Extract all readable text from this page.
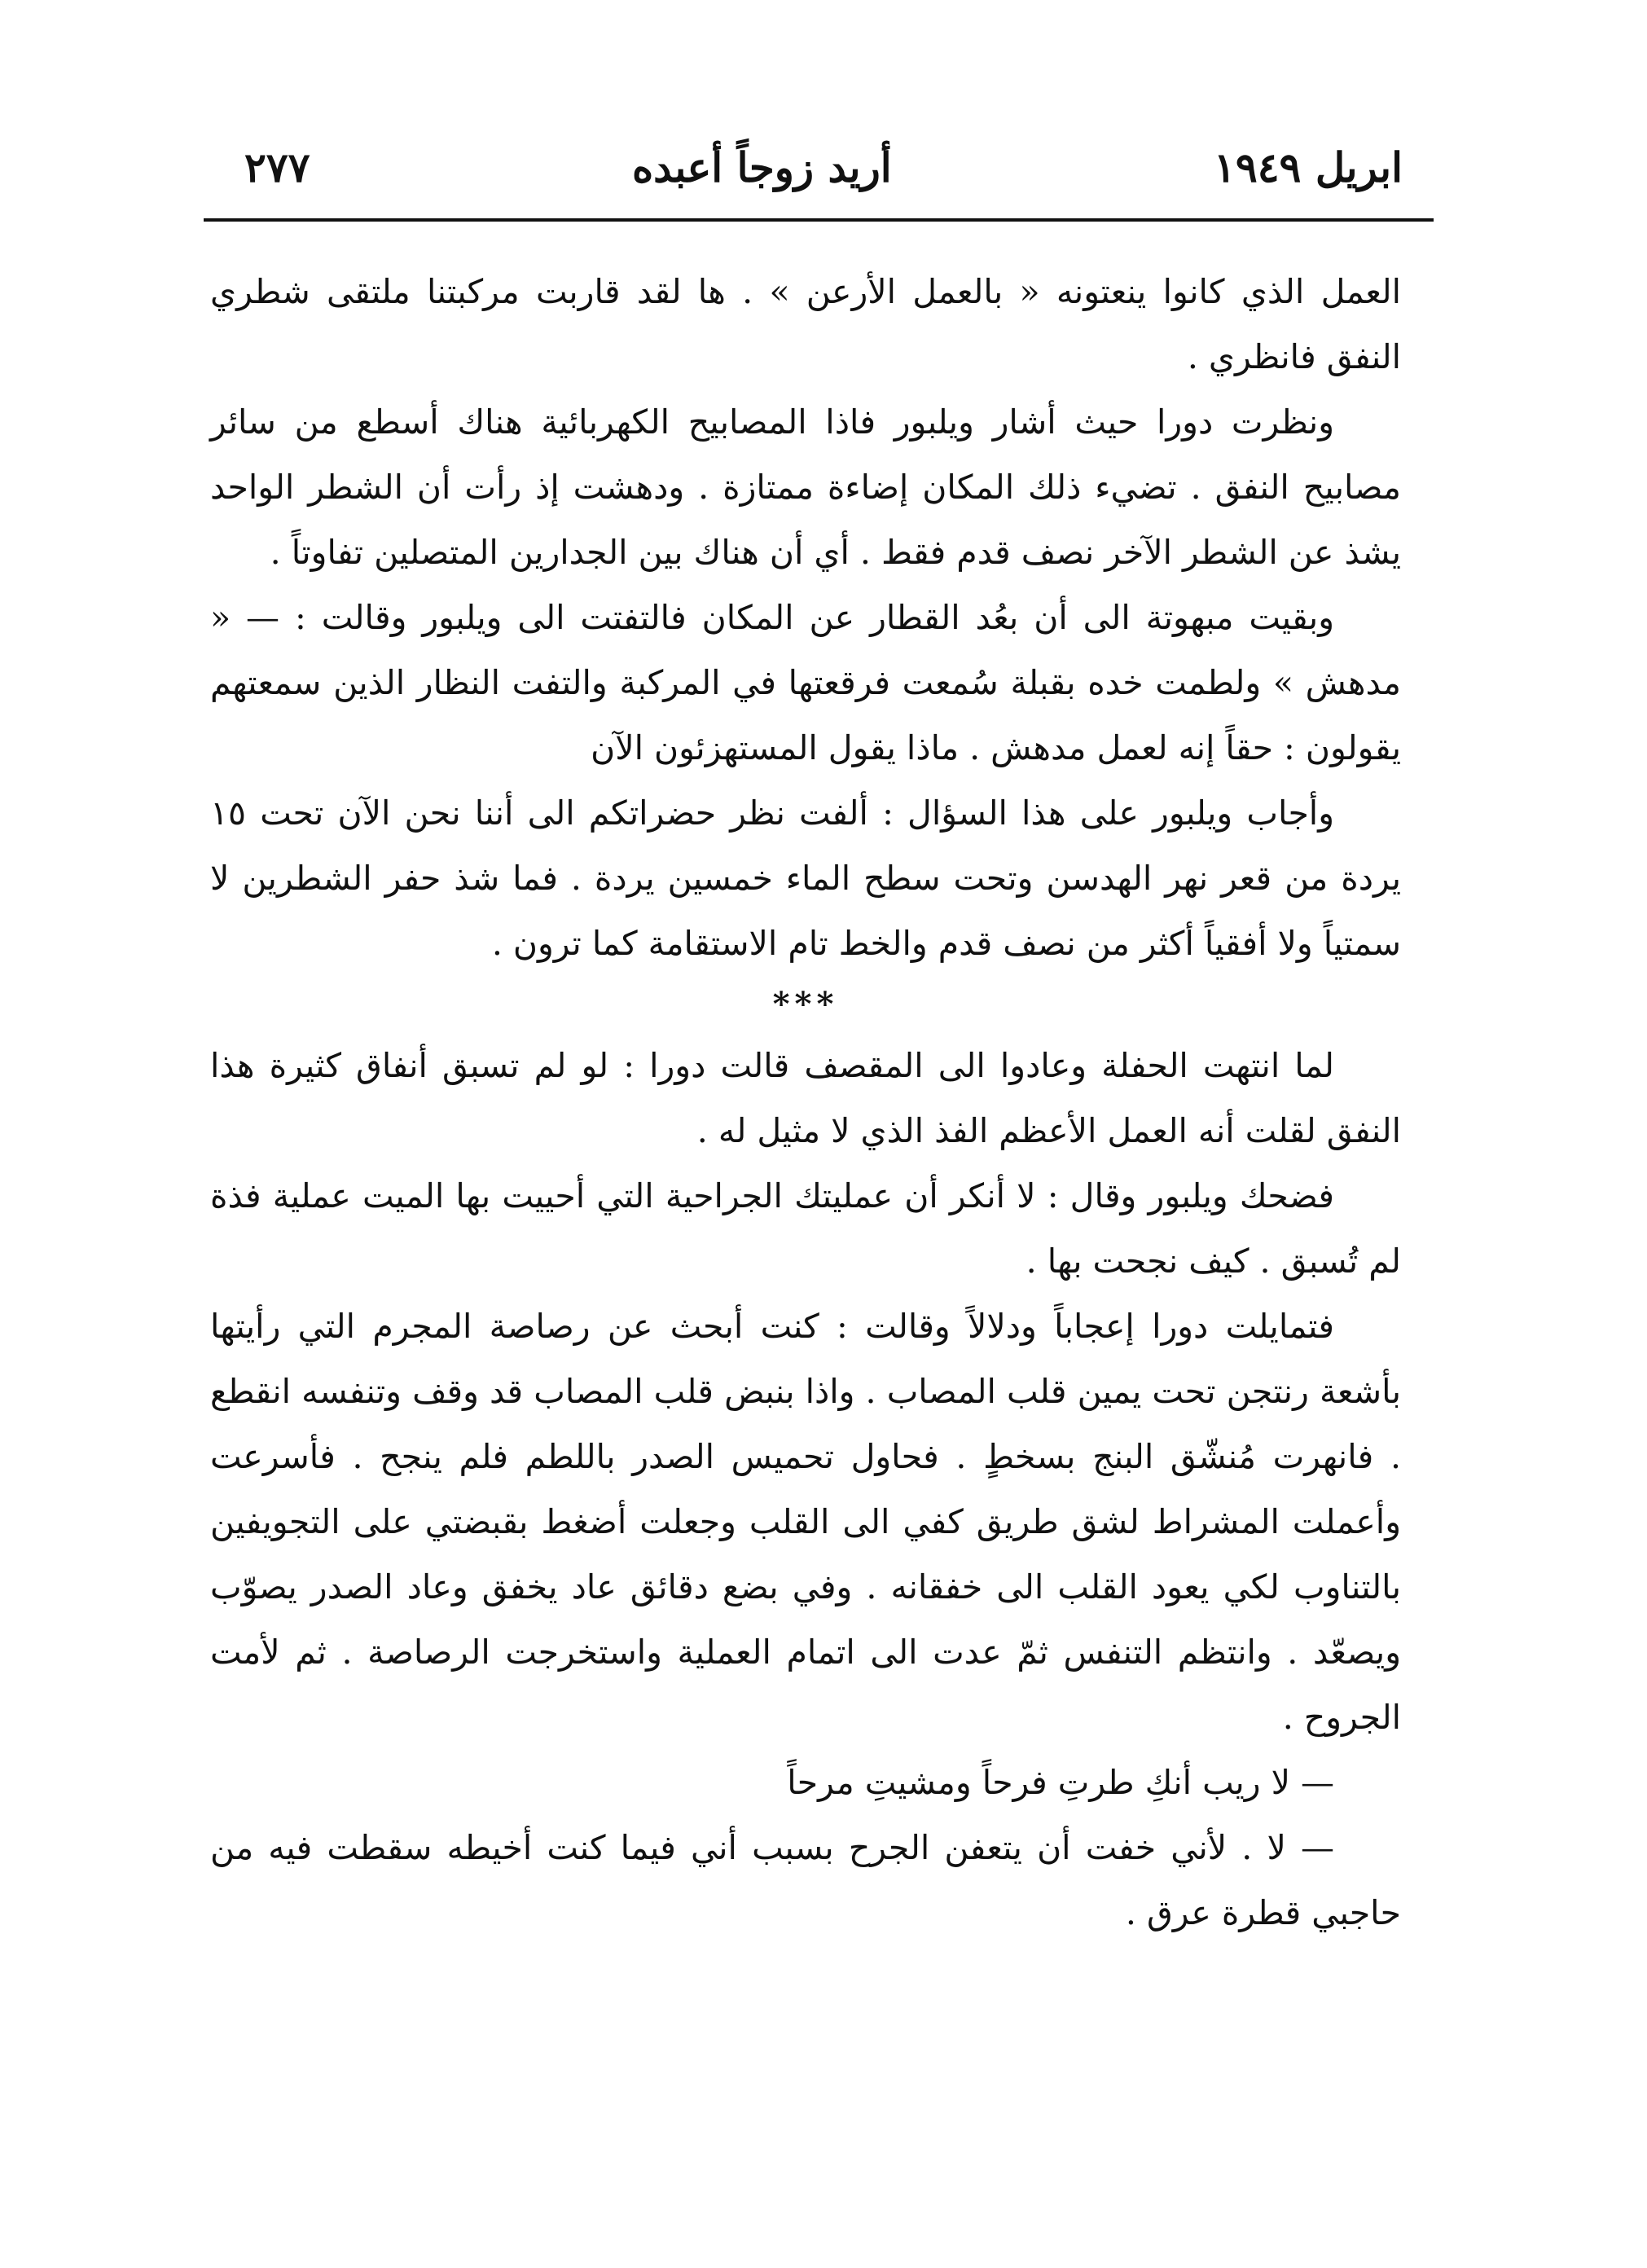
ابريل ١٩٤٩
أريد زوجاً أعبده
٢٧٧

العمل الذي كانوا ينعتونه « بالعمل الأرعن » . ها لقد قاربت مركبتنا ملتقى شطري النفق فانظري .

ونظرت دورا حيث أشار ويلبور فاذا المصابيح الكهربائية هناك أسطع من سائر مصابيح النفق . تضيء ذلك المكان إضاءة ممتازة . ودهشت إذ رأت أن الشطر الواحد يشذ عن الشطر الآخر نصف قدم فقط . أي أن هناك بين الجدارين المتصلين تفاوتاً .

وبقيت مبهوتة الى أن بعُد القطار عن المكان فالتفتت الى ويلبور وقالت : — « مدهش » ولطمت خده بقبلة سُمعت فرقعتها في المركبة والتفت النظار الذين سمعتهم يقولون : حقاً إنه لعمل مدهش . ماذا يقول المستهزئون الآن

وأجاب ويلبور على هذا السؤال : ألفت نظر حضراتكم الى أننا نحن الآن تحت ١٥ يردة من قعر نهر الهدسن وتحت سطح الماء خمسين يردة . فما شذ حفر الشطرين لا سمتياً ولا أفقياً أكثر من نصف قدم والخط تام الاستقامة كما ترون .

***

لما انتهت الحفلة وعادوا الى المقصف قالت دورا : لو لم تسبق أنفاق كثيرة هذا النفق لقلت أنه العمل الأعظم الفذ الذي لا مثيل له .

فضحك ويلبور وقال : لا أنكر أن عمليتك الجراحية التي أحييت بها الميت عملية فذة لم تُسبق . كيف نجحت بها .

فتمايلت دورا إعجاباً ودلالاً وقالت : كنت أبحث عن رصاصة المجرم التي رأيتها بأشعة رنتجن تحت يمين قلب المصاب . واذا بنبض قلب المصاب قد وقف وتنفسه انقطع . فانهرت مُنشّق البنج بسخطٍ . فحاول تحميس الصدر باللطم فلم ينجح . فأسرعت وأعملت المشراط لشق طريق كفي الى القلب وجعلت أضغط بقبضتي على التجويفين بالتناوب لكي يعود القلب الى خفقانه . وفي بضع دقائق عاد يخفق وعاد الصدر يصوّب ويصعّد . وانتظم التنفس ثمّ عدت الى اتمام العملية واستخرجت الرصاصة . ثم لأمت الجروح .

— لا ريب أنكِ طرتِ فرحاً ومشيتِ مرحاً

— لا . لأني خفت أن يتعفن الجرح بسبب أني فيما كنت أخيطه سقطت فيه من حاجبي قطرة عرق .
